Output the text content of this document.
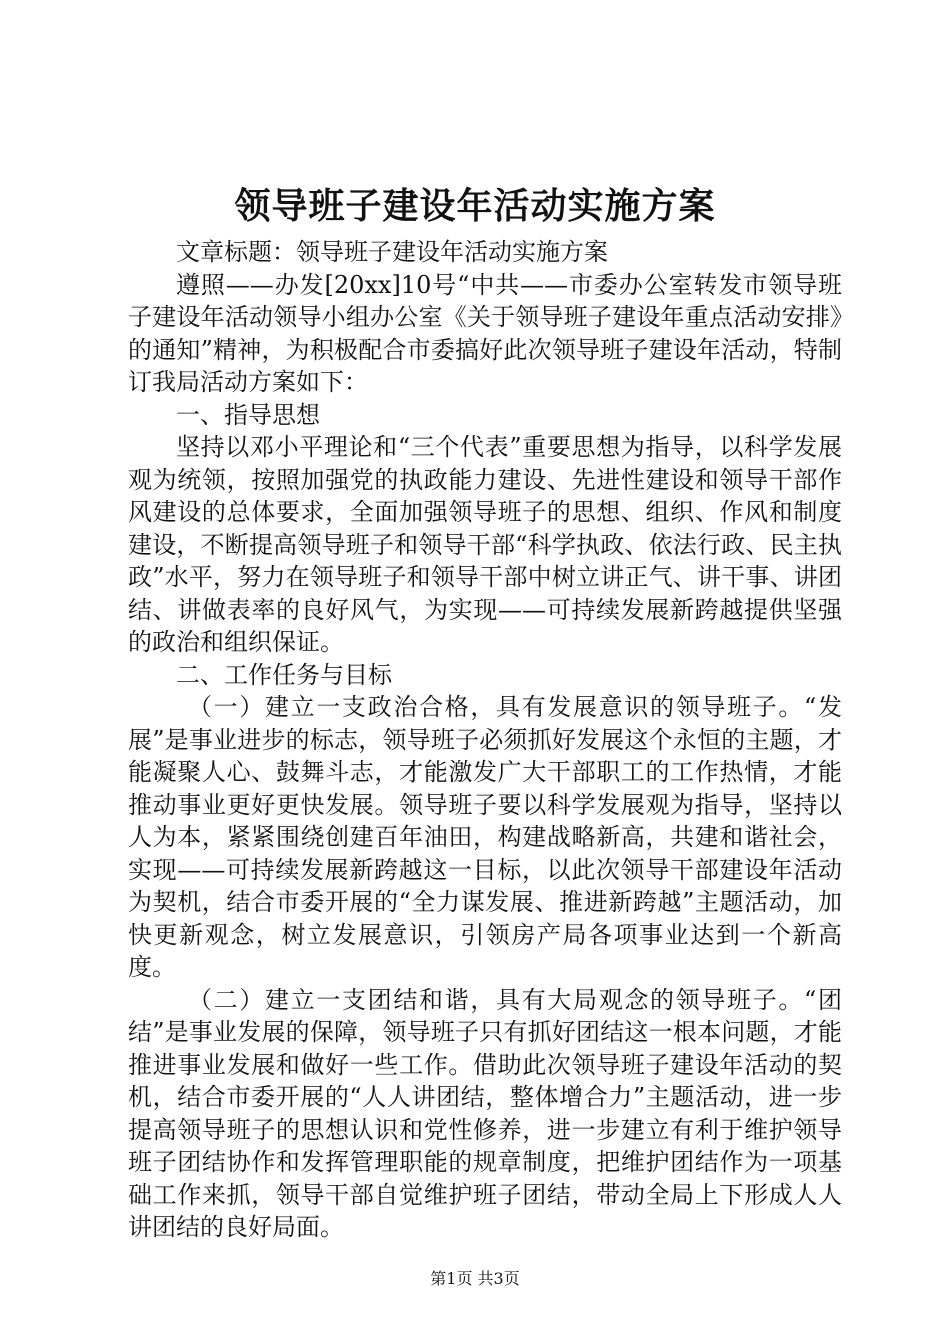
领导班子建设年活动实施方案

文章标题：领导班子建设年活动实施方案

遵照——办发[20xx]10号“中共——市委办公室转发市领导班子建设年活动领导小组办公室《关于领导班子建设年重点活动安排》的通知”精神，为积极配合市委搞好此次领导班子建设年活动，特制订我局活动方案如下：

一、指导思想

坚持以邓小平理论和“三个代表”重要思想为指导，以科学发展观为统领，按照加强党的执政能力建设、先进性建设和领导干部作风建设的总体要求，全面加强领导班子的思想、组织、作风和制度建设，不断提高领导班子和领导干部“科学执政、依法行政、民主执政”水平，努力在领导班子和领导干部中树立讲正气、讲干事、讲团结、讲做表率的良好风气，为实现——可持续发展新跨越提供坚强的政治和组织保证。

二、工作任务与目标

（一）建立一支政治合格，具有发展意识的领导班子。“发展”是事业进步的标志，领导班子必须抓好发展这个永恒的主题，才能凝聚人心、鼓舞斗志，才能激发广大干部职工的工作热情，才能推动事业更好更快发展。领导班子要以科学发展观为指导，坚持以人为本，紧紧围绕创建百年油田，构建战略新高，共建和谐社会，实现——可持续发展新跨越这一目标，以此次领导干部建设年活动为契机，结合市委开展的“全力谋发展、推进新跨越”主题活动，加快更新观念，树立发展意识，引领房产局各项事业达到一个新高度。

（二）建立一支团结和谐，具有大局观念的领导班子。“团结”是事业发展的保障，领导班子只有抓好团结这一根本问题，才能推进事业发展和做好一些工作。借助此次领导班子建设年活动的契机，结合市委开展的“人人讲团结，整体增合力”主题活动，进一步提高领导班子的思想认识和党性修养，进一步建立有利于维护领导班子团结协作和发挥管理职能的规章制度，把维护团结作为一项基础工作来抓，领导干部自觉维护班子团结，带动全局上下形成人人讲团结的良好局面。

第1页 共3页
